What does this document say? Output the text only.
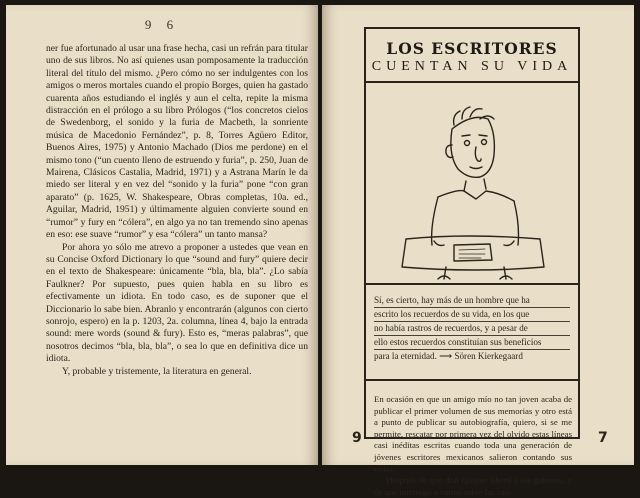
9 6

ner fue afortunado al usar una frase hecha, casi un refrán para titular uno de sus libros. No así quienes usan pomposamente la traducción literal del título del mismo. ¿Pero cómo no ser indulgentes con los amigos o meros mortales cuando el propio Borges, quien ha gastado cuarenta años estudiando el inglés y aun el celta, repite la misma distracción en el prólogo a su libro Prólogos (“los concretos cielos de Swedenborg, el sonido y la furia de Macbeth, la sonriente música de Macedonio Fernández”, p. 8, Torres Agüero Editor, Buenos Aires, 1975) y Antonio Machado (Dios me perdone) en el mismo tono (“un cuento lleno de estruendo y furia”, p. 250, Juan de Mairena, Clásicos Castalia, Madrid, 1971) y a Astrana Marín le da miedo ser literal y en vez del “sonido y la furia” pone “con gran aparato” (p. 1625, W. Shakespeare, Obras completas, 10a. ed., Aguilar, Madrid, 1951) y últimamente alguien convierte sound en “rumor” y fury en “cólera”, en algo ya no tan tremendo sino apenas en eso: ese suave “rumor” y esa “cólera” un tanto mansa?

Por ahora yo sólo me atrevo a proponer a ustedes que vean en su Concise Oxford Dictionary lo que “sound and fury” quiere decir en el texto de Shakespeare: únicamente “bla, bla, bla”. ¿Lo sabía Faulkner? Por supuesto, pues quien habla en su libro es efectivamente un idiota. En todo caso, es de suponer que el Diccionario lo sabe bien. Abranlo y encontrarán (algunos con cierto sonrojo, espero) en la p. 1203, 2a. columna, línea 4, bajo la entrada sound: mere words (sound & fury). Esto es, “meras palabras”, que nosotros decimos “bla, bla, bla”, o sea lo que en definitiva dice un idiota.

Y, probable y tristemente, la literatura en general.

LOS ESCRITORES
CUENTAN SU VIDA
Sí, es cierto, hay más de un hombre que ha
escrito los recuerdos de su vida, en los que
no había rastros de recuerdos, y a pesar de
ello estos recuerdos constituían sus beneficios
para la eternidad. ⟶ Sören Kierkegaard

En ocasión en que un amigo mío no tan joven acaba de publicar el primer volumen de sus memorias y otro está a punto de publicar su autobiografía, quiero, si se me permite, rescatar por primera vez del olvido estas líneas casi inéditas escritas cuando toda una generación de jóvenes escritores mexicanos salieron contando sus vidas.

Después de que don Quijote liberó a los galeotes, y de que interrogó a varios sobre las cau-

9	7
